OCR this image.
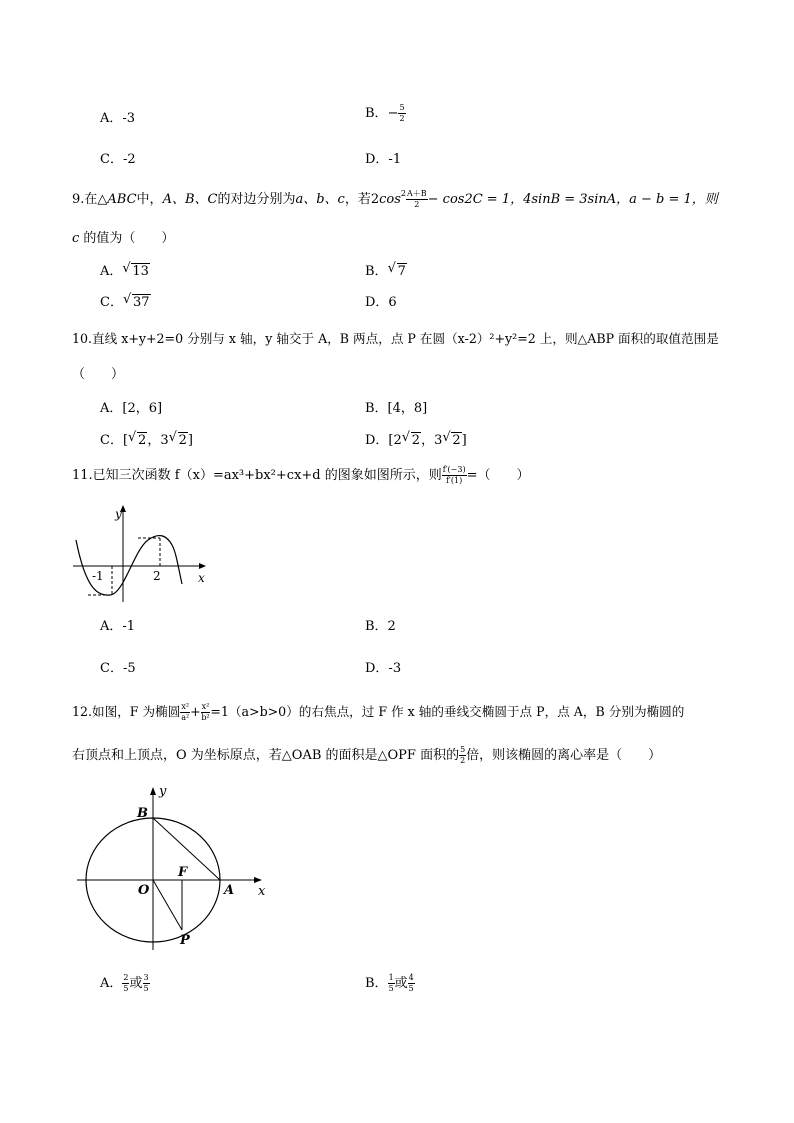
A．-3	B．− $\frac{5}{2}$
C．-2	D．-1
9.在△ABC中，A、B、C的对边分别为a、b、c，若$2\cos^{2 \frac{A+B}{2}} - \cos 2C = 1$，4sinB = 3sinA，a − b = 1，则
c 的值为（　　）
A． √ 13	B． √ 7
C． √ 37	D．6
10.直线 x+y+2=0 分别与 x 轴，y 轴交于 A，B 两点，点 P 在圆（x-2）²+y²=2 上，则△ABP 面积的取值范围是
（　　）
A．[2，6]	B．[4，8]
C．[ √ 2，3 √ 2]	D．[2 √ 2，3 √ 2]
11.已知三次函数 f（x）=ax³+bx²+cx+d 的图象如图所示，则 $\frac{f'(-3)}{f'(1)}$ =（　　）
-1	2	x
y
A．-1	B．2
C．-5	D．-3
12.如图，F 为椭圆 $\frac{\text{x²}}{\text{a²}} + \frac{\text{x²}}{\text{b²}} =1(a>b>0)$的右焦点，过 F 作 x 轴的垂线交椭圆于点 P，点 A，B 分别为椭圆的
右顶点和上顶点，O 为坐标原点，若△OAB 的面积是△OPF 面积的 $\frac{5}{2}$ 倍，则该椭圆的离心率是（　　）
B
y
F
O	A x
P
A． $\frac{2}{5}$ 或 $\frac{3}{5}$	B． $\frac{1}{5}$ 或 $\frac{4}{5}$
